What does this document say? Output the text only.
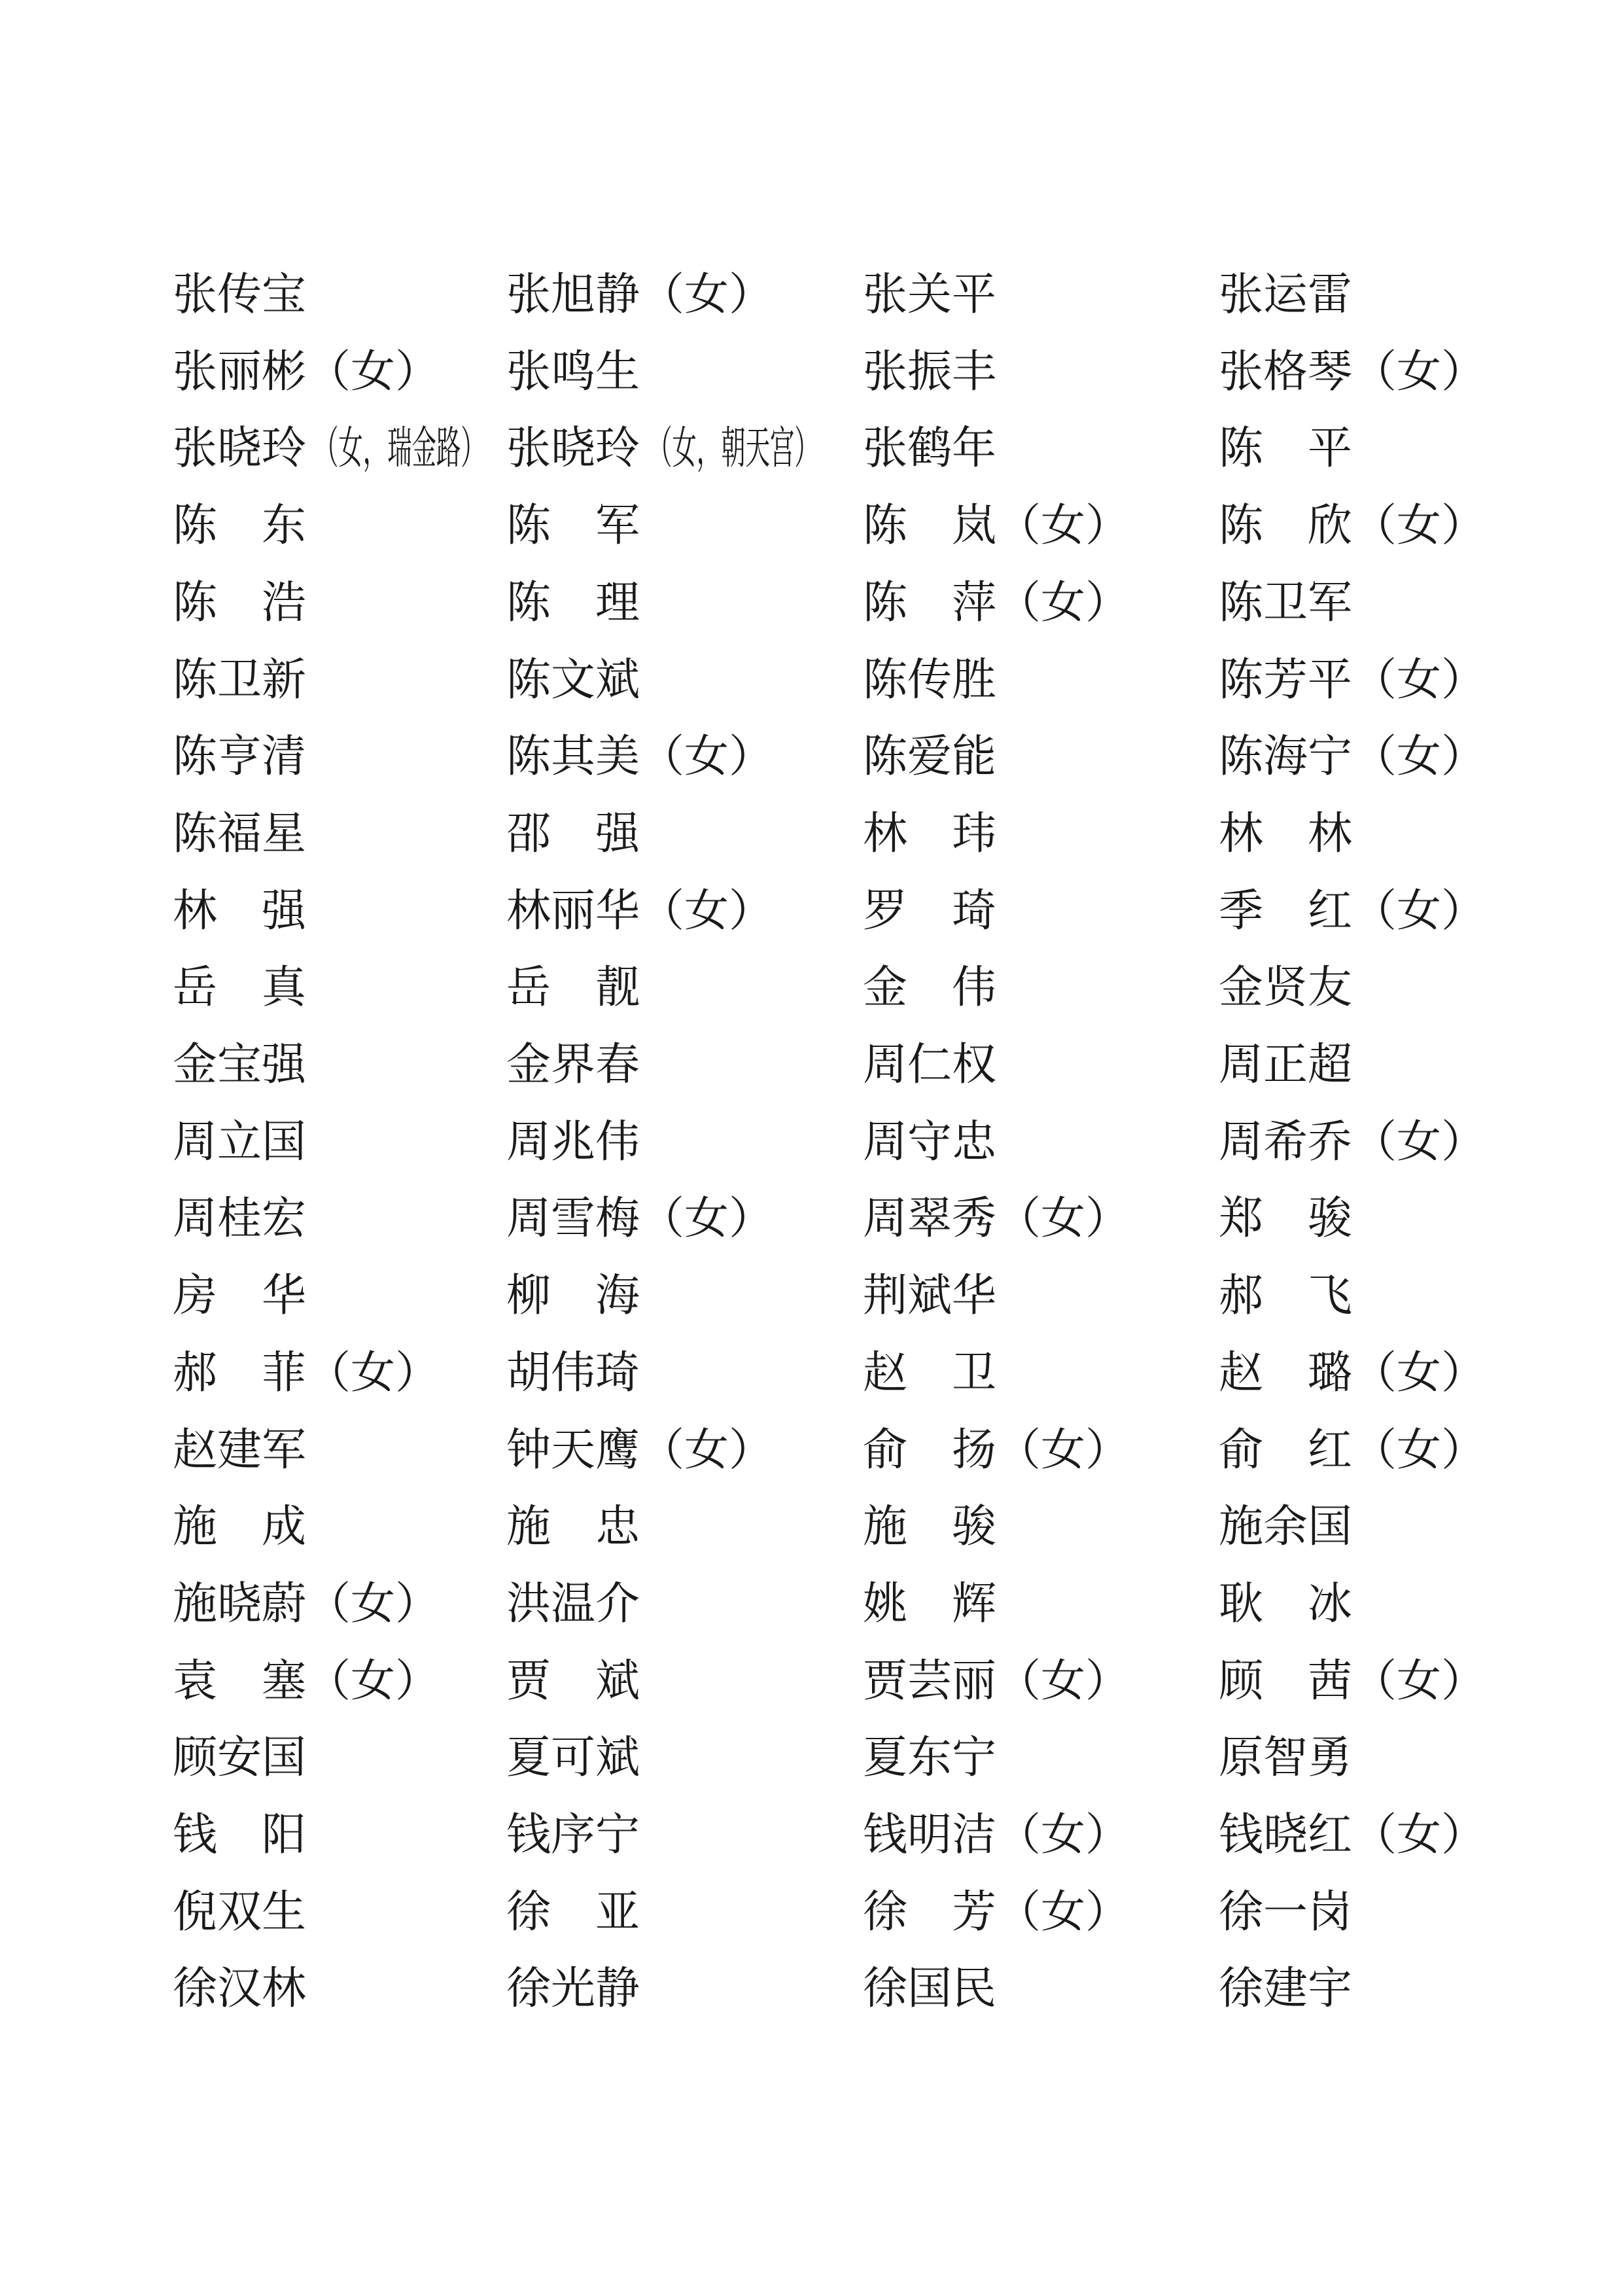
张传宝	张旭静（女） 张关平	张运雷
张丽彬（女） 张鸣生	张振丰	张格琴（女）
张晓玲 （女，瑞金路） 张晓玲 （女，朝天宫） 张鹤年	陈　平
陈　东	陈　军	陈　岚（女） 陈　欣（女）
陈　浩	陈　理	陈　萍（女） 陈卫军
陈卫新	陈文斌	陈传胜	陈芳平（女）
陈亨清	陈其美（女） 陈爱能	陈海宁（女）
陈福星	邵　强	林　玮	林　林
林　强	林丽华（女） 罗　琦	季　红（女）
岳　真	岳　靓	金　伟	金贤友
金宝强	金界春	周仁权	周正超
周立国	周兆伟	周守忠	周希乔（女）
周桂宏	周雪梅（女） 周翠秀（女） 郑　骏
房　华	柳　海	荆斌华	郝　飞
郝　菲（女） 胡伟琦	赵　卫	赵　璐（女）
赵建军	钟天鹰（女） 俞　扬（女） 俞　红（女）
施　成	施　忠	施　骏	施余国
施晓蔚（女） 洪温介	姚　辉	耿　冰
袁　塞（女） 贾　斌	贾芸丽（女） 顾　茜（女）
顾安国	夏可斌	夏东宁	原智勇
钱　阳	钱序宁	钱明洁（女） 钱晓红（女）
倪双生	徐　亚	徐　芳（女） 徐一岗
徐汉林	徐光静	徐国民	徐建宇
